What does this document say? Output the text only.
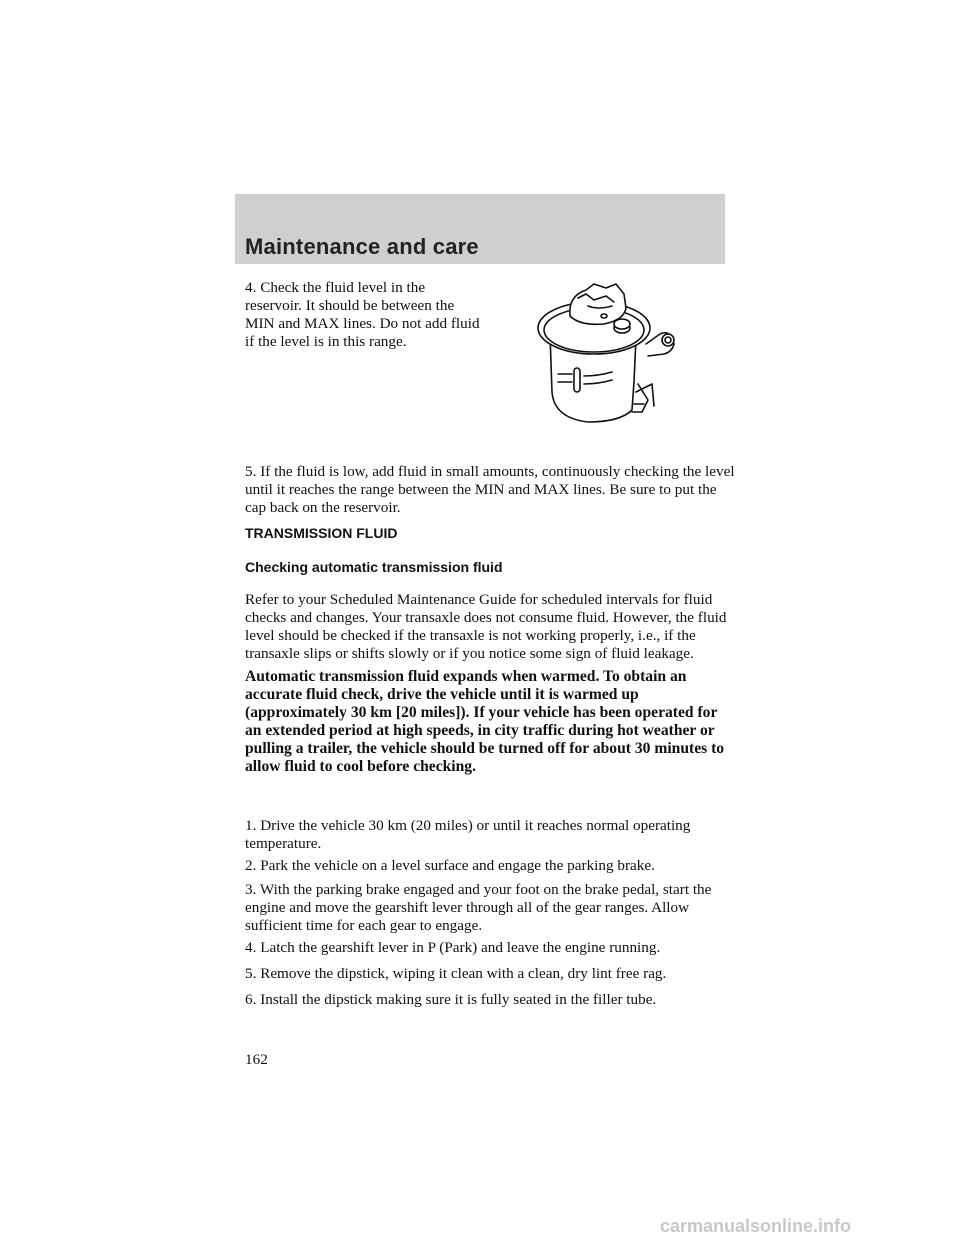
Maintenance and care

4. Check the fluid level in the reservoir. It should be between the MIN and MAX lines. Do not add fluid if the level is in this range.

5. If the fluid is low, add fluid in small amounts, continuously checking the level until it reaches the range between the MIN and MAX lines. Be sure to put the cap back on the reservoir.

TRANSMISSION FLUID
Checking automatic transmission fluid

Refer to your Scheduled Maintenance Guide for scheduled intervals for fluid checks and changes. Your transaxle does not consume fluid. However, the fluid level should be checked if the transaxle is not working properly, i.e., if the transaxle slips or shifts slowly or if you notice some sign of fluid leakage.

Automatic transmission fluid expands when warmed. To obtain an accurate fluid check, drive the vehicle until it is warmed up (approximately 30 km [20 miles]). If your vehicle has been operated for an extended period at high speeds, in city traffic during hot weather or pulling a trailer, the vehicle should be turned off for about 30 minutes to allow fluid to cool before checking.

1. Drive the vehicle 30 km (20 miles) or until it reaches normal operating temperature.

2. Park the vehicle on a level surface and engage the parking brake.

3. With the parking brake engaged and your foot on the brake pedal, start the engine and move the gearshift lever through all of the gear ranges. Allow sufficient time for each gear to engage.

4. Latch the gearshift lever in P (Park) and leave the engine running.

5. Remove the dipstick, wiping it clean with a clean, dry lint free rag.

6. Install the dipstick making sure it is fully seated in the filler tube.

162
carmanualsonline.info
